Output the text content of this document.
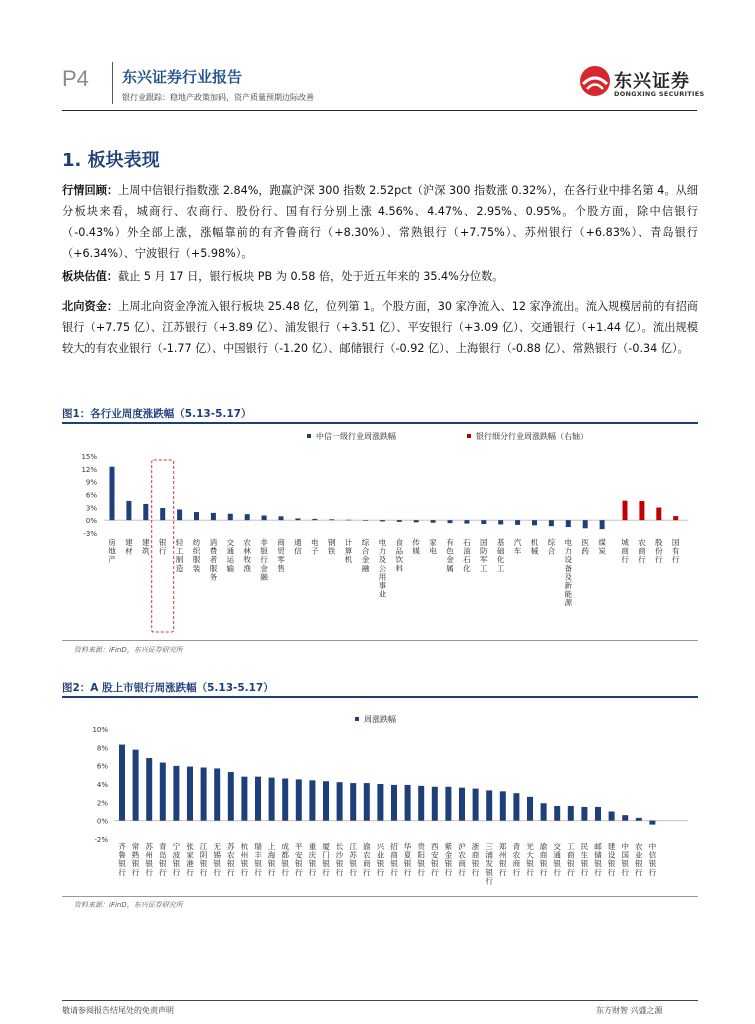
P4 东兴证券行业报告
银行业跟踪：稳地产政策加码，资产质量预期边际改善
东兴证券
DONGXING SECURITIES
1. 板块表现
行情回顾：上周中信银行指数涨 2.84%，跑赢沪深 300 指数 2.52pct（沪深 300 指数涨 0.32%），在各行业中排名第 4。从细分板块来看，城商行、农商行、股份行、国有行分别上涨 4.56%、4.47%、2.95%、0.95%。个股方面，除中信银行（-0.43%）外全部上涨，涨幅靠前的有齐鲁商行（+8.30%）、常熟银行（+7.75%）、苏州银行（+6.83%）、青岛银行（+6.34%）、宁波银行（+5.98%）。
板块估值：截止 5 月 17 日，银行板块 PB 为 0.58 倍，处于近五年来的 35.4%分位数。
北向资金：上周北向资金净流入银行板块 25.48 亿，位列第 1。个股方面，30 家净流入、12 家净流出。流入规模居前的有招商银行（+7.75 亿）、江苏银行（+3.89 亿）、浦发银行（+3.51 亿）、平安银行（+3.09 亿）、交通银行（+1.44 亿）。流出规模较大的有农业银行（-1.77 亿）、中国银行（-1.20 亿）、邮储银行（-0.92 亿）、上海银行（-0.88 亿）、常熟银行（-0.34 亿）。
图1：各行业周度涨跌幅（5.13-5.17）
15%
12%
9%
6%
3%
0%
-3%
中信一级行业周涨跌幅	银行细分行业周涨跌幅（右轴）
房
地
产
建
材
建
筑
银
行
轻
工
制
造
纺
织
服
装
消
费
者
服
务
交
通
运
输
农
林
牧
渔
非
银
行
金
融
商
贸
零
售
通
信
电
子
钢
铁
计
算
机
综
合
金
融
电
力
及
公
用
事
业
食
品
饮
料
传
媒
家
电
有
色
金
属
石
油
石
化
国
防
军
工
基
础
化
工
汽
车
机
械
综
合
电
力
设
备
及
新
能
源
医
药
煤
炭
城
商
行
农
商
行
股
份
行
国
有
行
资料来源：iFinD，东兴证券研究所
图2：A 股上市银行周涨跌幅（5.13-5.17）
10%
8%
6%
4%
2%
0%
-2%
周涨跌幅
齐
鲁
银
行
常
熟
银
行
苏
州
银
行
青
岛
银
行
宁
波
银
行
张
家
港
行
江
阴
银
行
无
锡
银
行
苏
农
银
行
杭
州
银
行
瑞
丰
银
行
上
海
银
行
成
都
银
行
平
安
银
行
重
庆
银
行
厦
门
银
行
长
沙
银
行
江
苏
银
行
渝
农
商
行
兴
业
银
行
招
商
银
行
华
夏
银
行
贵
阳
银
行
西
安
银
行
紫
金
银
行
沪
农
商
行
浙
商
银
行
三
浦
发
银
行
郑
州
银
行
青
农
商
行
光
大
银
行
渝
商
银
行
交
通
银
行
工
商
银
行
民
生
银
行
邮
储
银
行
建
设
银
行
中
国
银
行
农
业
银
行
中
信
银
行
资料来源：iFinD，东兴证券研究所
敬请参阅报告结尾处的免责声明	东方财智 兴盛之源
